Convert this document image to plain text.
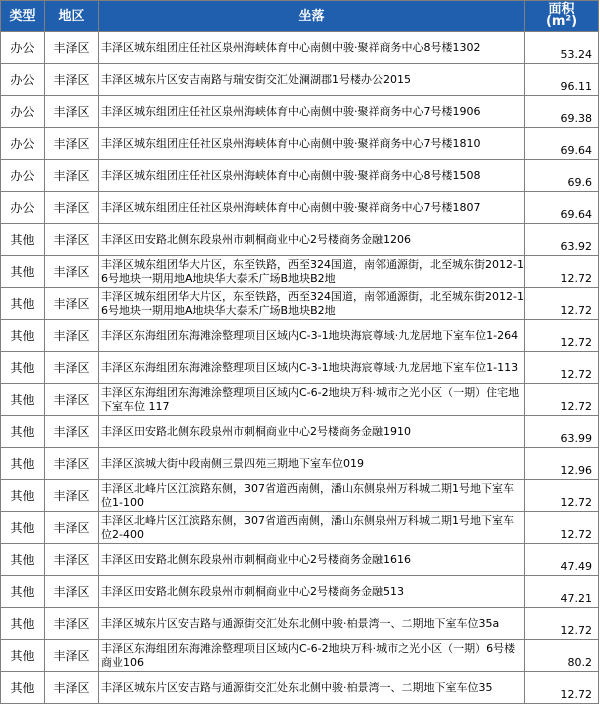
类型	地区	坐落	面积
(m²)

办公	丰泽区	丰泽区城东组团庄任社区泉州海峡体育中心南侧中骏·聚祥商务中心8号楼1302	53.24
办公	丰泽区	丰泽区城东片区安吉南路与瑞安街交汇处澜湖郡1号楼办公2015	96.11
办公	丰泽区	丰泽区城东组团庄任社区泉州海峡体育中心南侧中骏·聚祥商务中心7号楼1906	69.38
办公	丰泽区	丰泽区城东组团庄任社区泉州海峡体育中心南侧中骏·聚祥商务中心7号楼1810	69.64
办公	丰泽区	丰泽区城东组团庄任社区泉州海峡体育中心南侧中骏·聚祥商务中心8号楼1508	69.6
办公	丰泽区	丰泽区城东组团庄任社区泉州海峡体育中心南侧中骏·聚祥商务中心7号楼1807	69.64
其他	丰泽区	丰泽区田安路北侧东段泉州市刺桐商业中心2号楼商务金融1206	63.92
其他	丰泽区	丰泽区城东组团华大片区，东至铁路，西至324国道，南邻通源街，北至城东街2012-16号地块一期用地A地块华大泰禾广场B地块B2地	12.72
其他	丰泽区	丰泽区城东组团华大片区，东至铁路，西至324国道，南邻通源街，北至城东街2012-16号地块一期用地A地块华大泰禾广场B地块B2地	12.72
其他	丰泽区	丰泽区东海组团东海滩涂整理项目区域内C-3-1地块海宸尊域·九龙居地下室车位1-264	12.72
其他	丰泽区	丰泽区东海组团东海滩涂整理项目区域内C-3-1地块海宸尊域·九龙居地下室车位1-113	12.72
其他	丰泽区	丰泽区东海组团东海滩涂整理项目区域内C-6-2地块万科·城市之光小区（一期）住宅地下室车位 117	12.72
其他	丰泽区	丰泽区田安路北侧东段泉州市刺桐商业中心2号楼商务金融1910	63.99
其他	丰泽区	丰泽区滨城大街中段南侧三景四苑三期地下室车位019	12.96
其他	丰泽区	丰泽区北峰片区江滨路东侧，307省道西南侧，潘山东侧泉州万科城二期1号地下室车位1-100	12.72
其他	丰泽区	丰泽区北峰片区江滨路东侧，307省道西南侧，潘山东侧泉州万科城二期1号地下室车位2-400	12.72
其他	丰泽区	丰泽区田安路北侧东段泉州市刺桐商业中心2号楼商务金融1616	47.49
其他	丰泽区	丰泽区田安路北侧东段泉州市刺桐商业中心2号楼商务金融513	47.21
其他	丰泽区	丰泽区城东片区安吉路与通源街交汇处东北侧中骏·柏景湾一、二期地下室车位35a	12.72
其他	丰泽区	丰泽区东海组团东海滩涂整理项目区域内C-6-2地块万科·城市之光小区（一期）6号楼商业106	80.2
其他	丰泽区	丰泽区城东片区安吉路与通源街交汇处东北侧中骏·柏景湾一、二期地下室车位35	12.72
